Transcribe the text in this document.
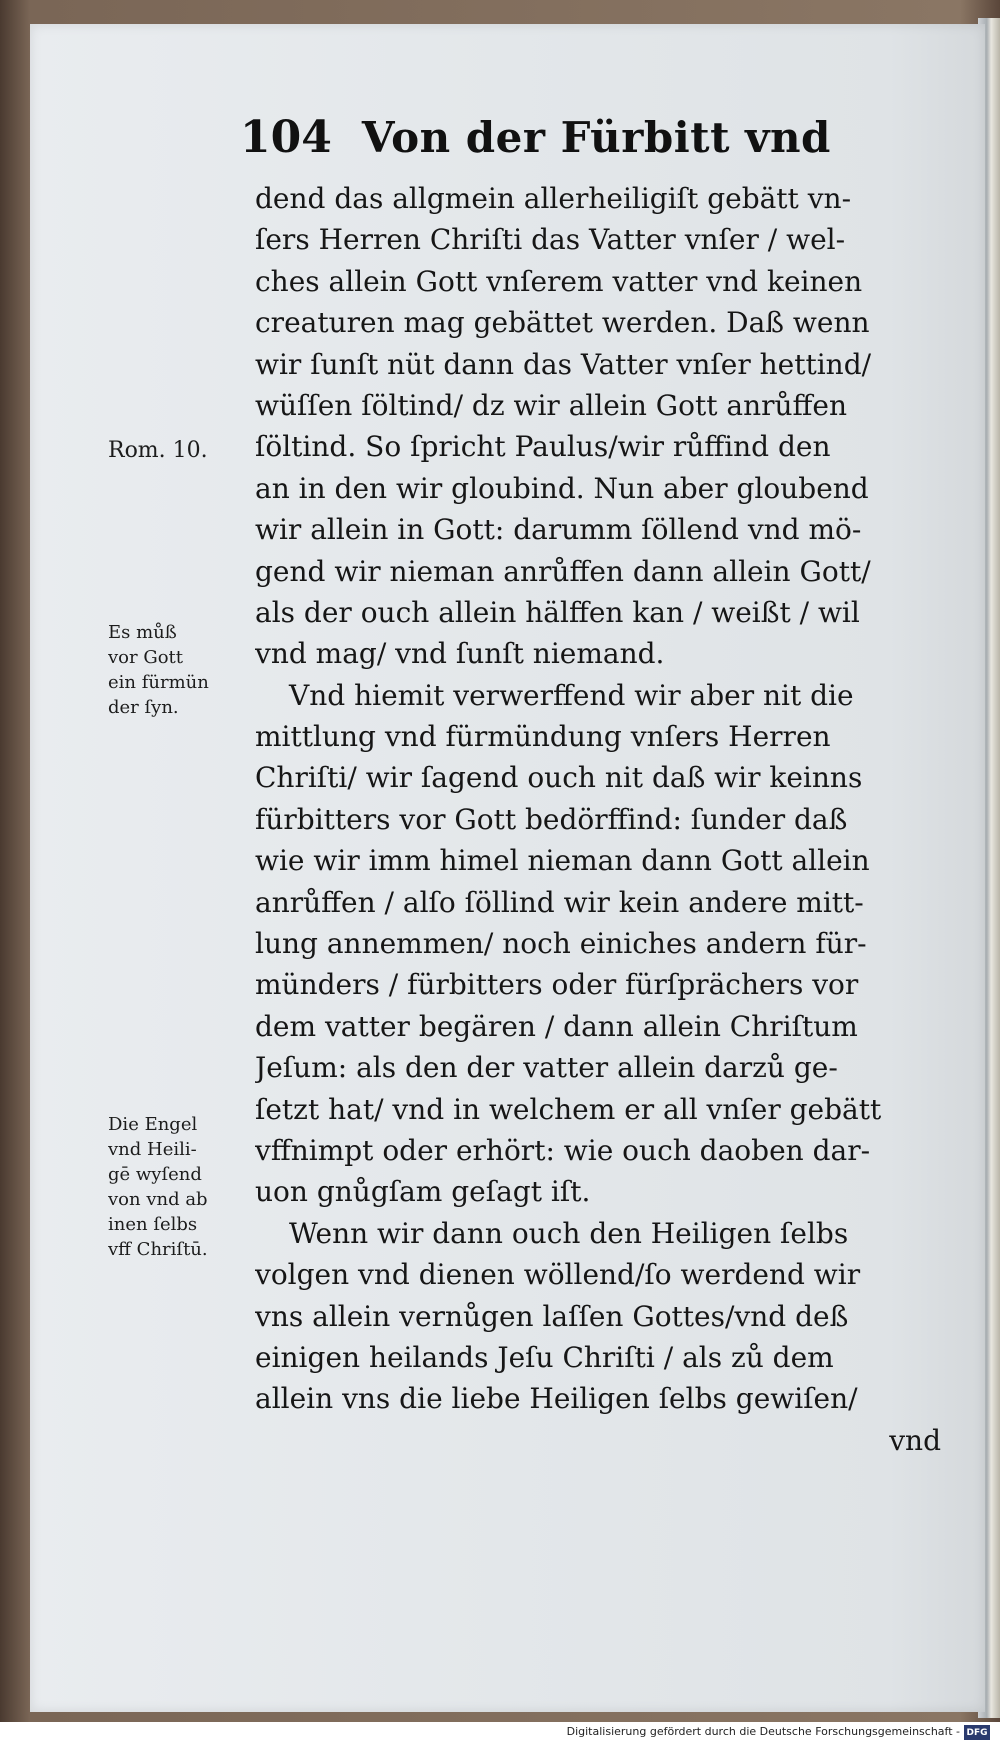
104 Von der Fürbitt vnd
Rom. 10.
Es můß
vor Gott
ein fürmün
der ſyn.
Die Engel
vnd Heili-
gē wyſend
von vnd ab
inen ſelbs
vff Chriſtū.
dend das allgmein allerheiligiſt gebätt vn-
ſers Herren Chriſti das Vatter vnſer / wel-
ches allein Gott vnſerem vatter vnd keinen
creaturen mag gebättet werden. Daß wenn
wir ſunſt nüt dann das Vatter vnſer hettind/
wüſſen ſöltind/ dz wir allein Gott anrůffen
ſöltind. So ſpricht Paulus/wir růffind den
an in den wir gloubind. Nun aber gloubend
wir allein in Gott: darumm ſöllend vnd mö-
gend wir nieman anrůffen dann allein Gott/
als der ouch allein hälffen kan / weißt / wil
vnd mag/ vnd ſunſt niemand.
Vnd hiemit verwerffend wir aber nit die
mittlung vnd fürmündung vnſers Herren
Chriſti/ wir ſagend ouch nit daß wir keinns
fürbitters vor Gott bedörffind: ſunder daß
wie wir imm himel nieman dann Gott allein
anrůffen / alſo ſöllind wir kein andere mitt-
lung annemmen/ noch einiches andern für-
münders / fürbitters oder fürſprächers vor
dem vatter begären / dann allein Chriſtum
Jeſum: als den der vatter allein darzů ge-
ſetzt hat/ vnd in welchem er all vnſer gebätt
vffnimpt oder erhört: wie ouch daoben dar-
uon gnůgſam geſagt iſt.
Wenn wir dann ouch den Heiligen ſelbs
volgen vnd dienen wöllend/ſo werdend wir
vns allein vernůgen laſſen Gottes/vnd deß
einigen heilands Jeſu Chriſti / als zů dem
allein vns die liebe Heiligen ſelbs gewiſen/
vnd
Digitalisierung gefördert durch die Deutsche Forschungsgemeinschaft - DFG
